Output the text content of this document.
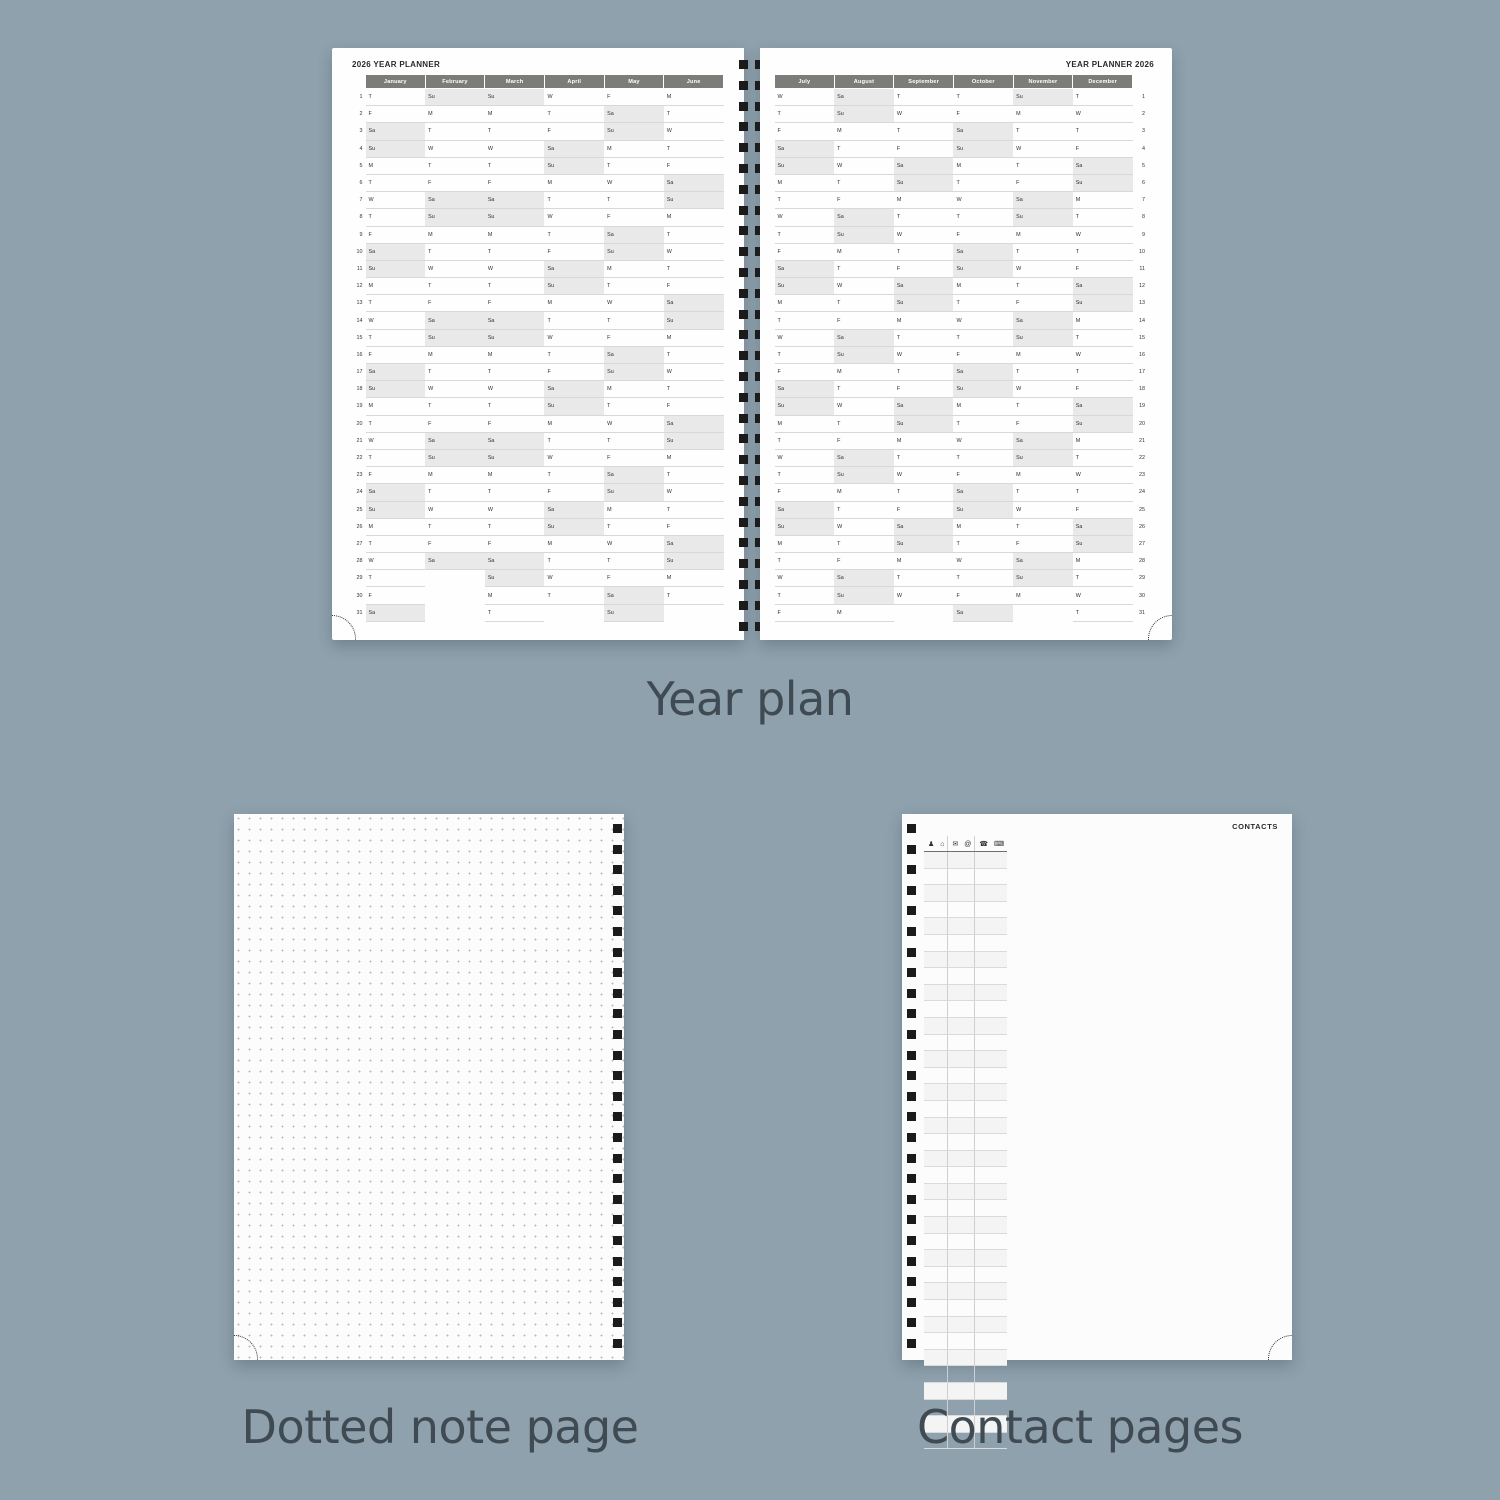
2026 YEAR PLANNER
	January	February	March	April	May	June
1	T	Su	Su	W	F	M
2	F	M	M	T	Sa	T
3	Sa	T	T	F	Su	W
4	Su	W	W	Sa	M	T
5	M	T	T	Su	T	F
6	T	F	F	M	W	Sa
7	W	Sa	Sa	T	T	Su
8	T	Su	Su	W	F	M
9	F	M	M	T	Sa	T
10	Sa	T	T	F	Su	W
11	Su	W	W	Sa	M	T
12	M	T	T	Su	T	F
13	T	F	F	M	W	Sa
14	W	Sa	Sa	T	T	Su
15	T	Su	Su	W	F	M
16	F	M	M	T	Sa	T
17	Sa	T	T	F	Su	W
18	Su	W	W	Sa	M	T
19	M	T	T	Su	T	F
20	T	F	F	M	W	Sa
21	W	Sa	Sa	T	T	Su
22	T	Su	Su	W	F	M
23	F	M	M	T	Sa	T
24	Sa	T	T	F	Su	W
25	Su	W	W	Sa	M	T
26	M	T	T	Su	T	F
27	T	F	F	M	W	Sa
28	W	Sa	Sa	T	T	Su
29	T		Su	W	F	M
30	F		M	T	Sa	T
31	Sa		T		Su	
YEAR PLANNER 2026
July	August	September	October	November	December	
W	Sa	T	T	Su	T	1
T	Su	W	F	M	W	2
F	M	T	Sa	T	T	3
Sa	T	F	Su	W	F	4
Su	W	Sa	M	T	Sa	5
M	T	Su	T	F	Su	6
T	F	M	W	Sa	M	7
W	Sa	T	T	Su	T	8
T	Su	W	F	M	W	9
F	M	T	Sa	T	T	10
Sa	T	F	Su	W	F	11
Su	W	Sa	M	T	Sa	12
M	T	Su	T	F	Su	13
T	F	M	W	Sa	M	14
W	Sa	T	T	Su	T	15
T	Su	W	F	M	W	16
F	M	T	Sa	T	T	17
Sa	T	F	Su	W	F	18
Su	W	Sa	M	T	Sa	19
M	T	Su	T	F	Su	20
T	F	M	W	Sa	M	21
W	Sa	T	T	Su	T	22
T	Su	W	F	M	W	23
F	M	T	Sa	T	T	24
Sa	T	F	Su	W	F	25
Su	W	Sa	M	T	Sa	26
M	T	Su	T	F	Su	27
T	F	M	W	Sa	M	28
W	Sa	T	T	Su	T	29
T	Su	W	F	M	W	30
F	M		Sa		T	31
Year plan
Dotted note page
CONTACTS
♟ ⌂	✉ @	☎ ⌨

Contact pages
